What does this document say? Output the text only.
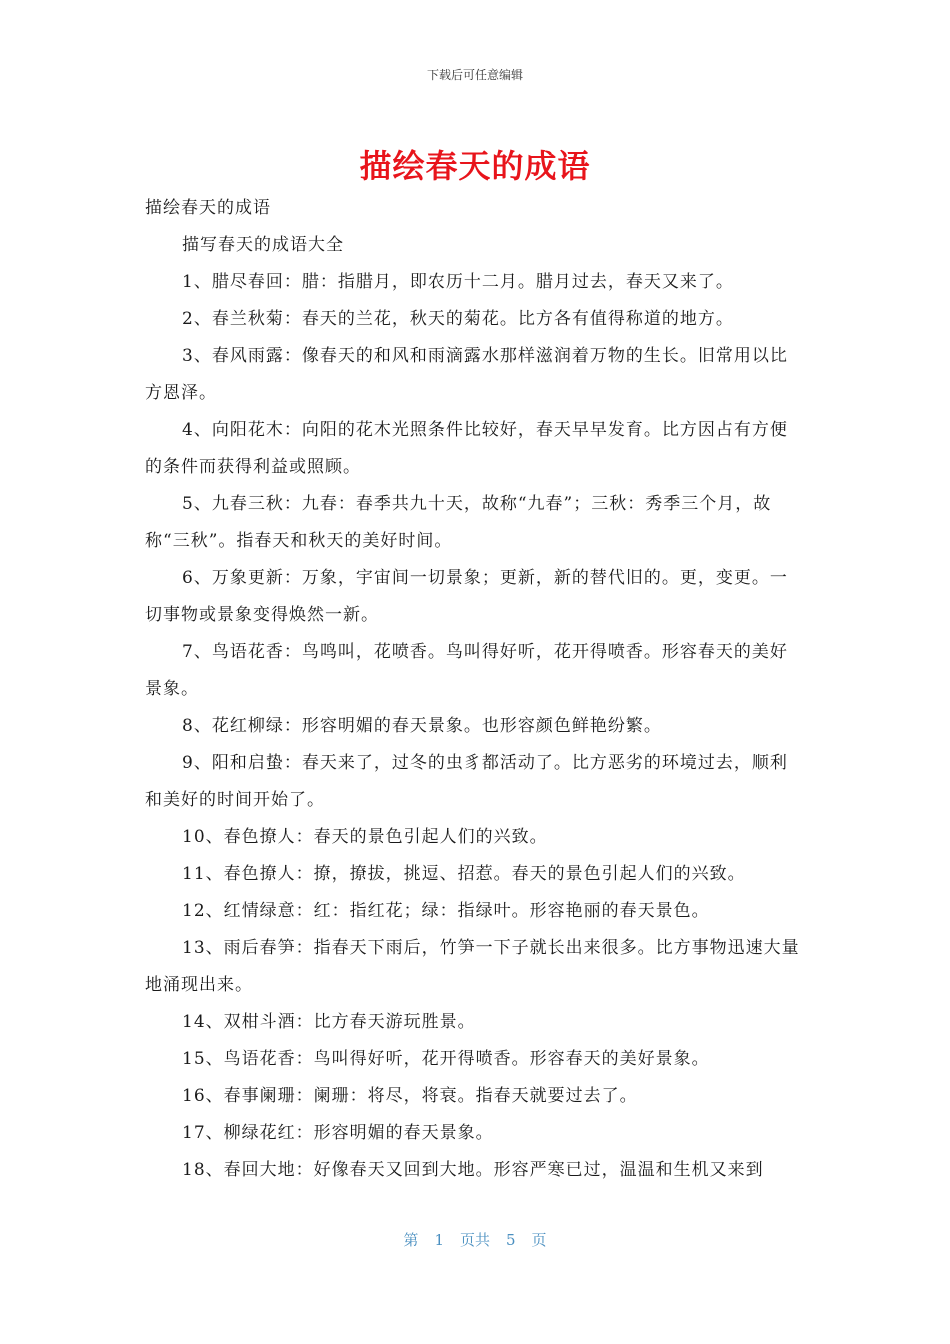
下载后可任意编辑
描绘春天的成语

描绘春天的成语

描写春天的成语大全

1、腊尽春回：腊：指腊月，即农历十二月。腊月过去，春天又来了。

2、春兰秋菊：春天的兰花，秋天的菊花。比方各有值得称道的地方。

3、春风雨露：像春天的和风和雨滴露水那样滋润着万物的生长。旧常用以比方恩泽。

4、向阳花木：向阳的花木光照条件比较好，春天早早发育。比方因占有方便的条件而获得利益或照顾。

5、九春三秋：九春：春季共九十天，故称“九春”；三秋：秀季三个月，故称“三秋”。指春天和秋天的美好时间。

6、万象更新：万象，宇宙间一切景象；更新，新的替代旧的。更，变更。一切事物或景象变得焕然一新。

7、鸟语花香：鸟鸣叫，花喷香。鸟叫得好听，花开得喷香。形容春天的美好景象。

8、花红柳绿：形容明媚的春天景象。也形容颜色鲜艳纷繁。

9、阳和启蛰：春天来了，过冬的虫豸都活动了。比方恶劣的环境过去，顺利和美好的时间开始了。

10、春色撩人：春天的景色引起人们的兴致。

11、春色撩人：撩，撩拔，挑逗、招惹。春天的景色引起人们的兴致。

12、红情绿意：红：指红花；绿：指绿叶。形容艳丽的春天景色。

13、雨后春笋：指春天下雨后，竹笋一下子就长出来很多。比方事物迅速大量地涌现出来。

14、双柑斗酒：比方春天游玩胜景。

15、鸟语花香：鸟叫得好听，花开得喷香。形容春天的美好景象。

16、春事阑珊：阑珊：将尽，将衰。指春天就要过去了。

17、柳绿花红：形容明媚的春天景象。

18、春回大地：好像春天又回到大地。形容严寒已过，温温和生机又来到

第 1 页共 5 页
